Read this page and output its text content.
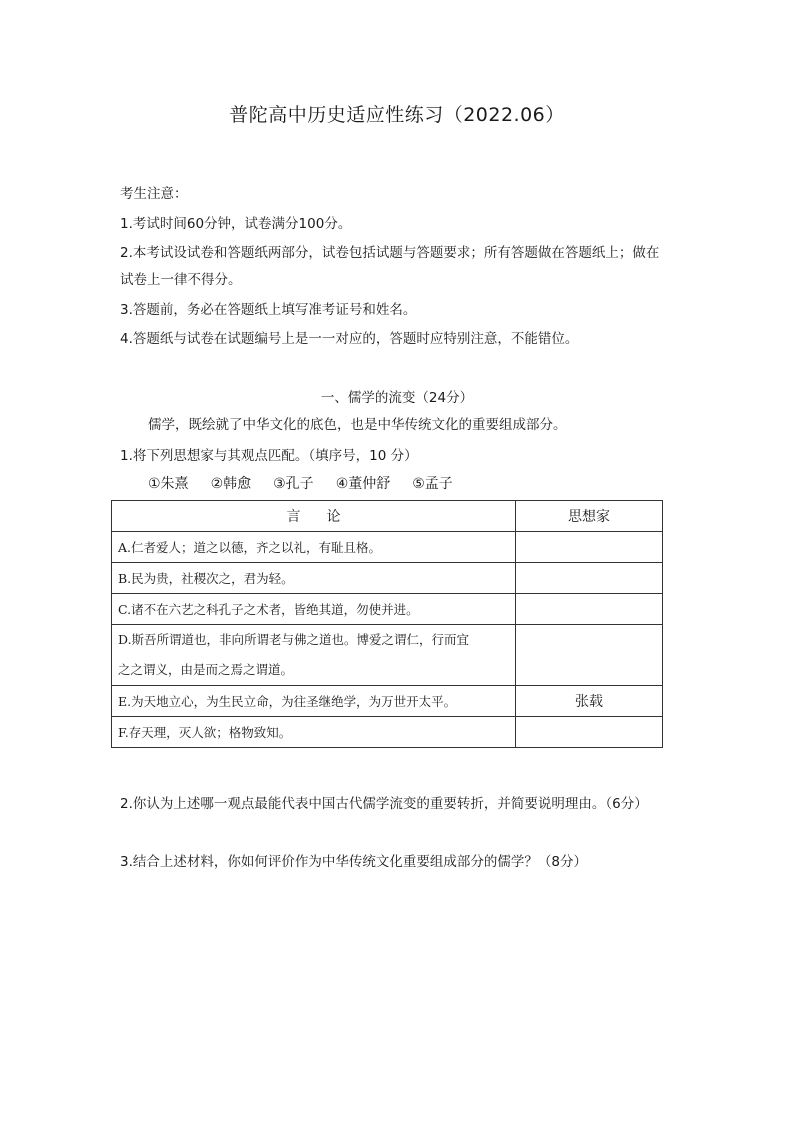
普陀高中历史适应性练习（2022.06）
考生注意：
1.考试时间60分钟，试卷满分100分。
2.本考试设试卷和答题纸两部分，试卷包括试题与答题要求；所有答题做在答题纸上；做在
试卷上一律不得分。
3.答题前，务必在答题纸上填写准考证号和姓名。
4.答题纸与试卷在试题编号上是一一对应的，答题时应特别注意，不能错位。
一、儒学的流变（24分）
儒学，既绘就了中华文化的底色，也是中华传统文化的重要组成部分。
1.将下列思想家与其观点匹配。（填序号，10 分）
①朱熹 ②韩愈 ③孔子 ④董仲舒 ⑤孟子
言论	思想家
A.仁者爱人；道之以德，齐之以礼，有耻且格。	
B.民为贵，社稷次之，君为轻。	
C.诸不在六艺之科孔子之术者，皆绝其道，勿使并进。	

D.斯吾所谓道也，非向所谓老与佛之道也。博爱之谓仁，行而宜
之之谓义，由是而之焉之谓道。	

E.为天地立心，为生民立命，为往圣继绝学，为万世开太平。	张载
F.存天理，灭人欲；格物致知。	
2.你认为上述哪一观点最能代表中国古代儒学流变的重要转折，并简要说明理由。（6分）
3.结合上述材料，你如何评价作为中华传统文化重要组成部分的儒学？（8分）
